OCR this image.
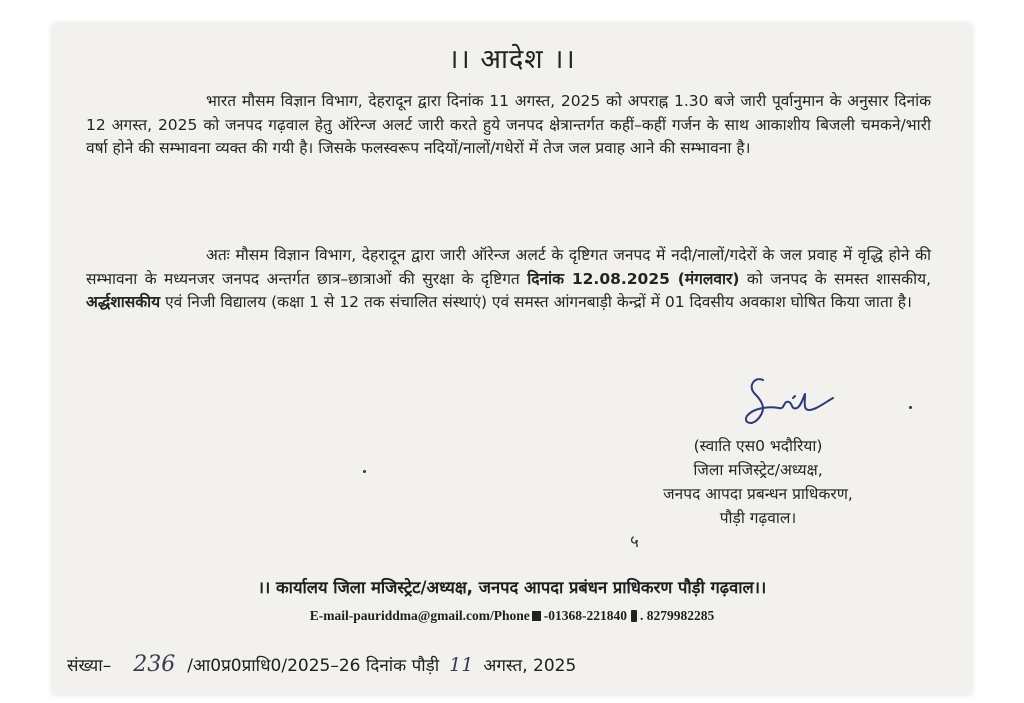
।। आदेश ।।

भारत मौसम विज्ञान विभाग, देहरादून द्वारा दिनांक 11 अगस्त, 2025 को अपराह्न 1.30 बजे जारी पूर्वानुमान के अनुसार दिनांक 12 अगस्त, 2025 को जनपद गढ़वाल हेतु ऑरेन्ज अलर्ट जारी करते हुये जनपद क्षेत्रान्तर्गत कहीं–कहीं गर्जन के साथ आकाशीय बिजली चमकने/भारी वर्षा होने की सम्भावना व्यक्त की गयी है। जिसके फलस्वरूप नदियों/नालों/गधेरों में तेज जल प्रवाह आने की सम्भावना है।

अतः मौसम विज्ञान विभाग, देहरादून द्वारा जारी ऑरेन्ज अलर्ट के दृष्टिगत जनपद में नदी/नालों/गदेरों के जल प्रवाह में वृद्धि होने की सम्भावना के मध्यनजर जनपद अन्तर्गत छात्र–छात्राओं की सुरक्षा के दृष्टिगत दिनांक 12.08.2025 (मंगलवार) को जनपद के समस्त शासकीय, अर्द्धशासकीय एवं निजी विद्यालय (कक्षा 1 से 12 तक संचालित संस्थाएं) एवं समस्त आंगनबाड़ी केन्द्रों में 01 दिवसीय अवकाश घोषित किया जाता है।

(स्वाति एस0 भदौरिया)
जिला मजिस्ट्रेट/अध्यक्ष,
जनपद आपदा प्रबन्धन प्राधिकरण,
पौड़ी गढ़वाल।
५
।। कार्यालय जिला मजिस्ट्रेट/अध्यक्ष, जनपद आपदा प्रबंधन प्राधिकरण पौड़ी गढ़वाल।।
E-mail-pauriddma@gmail.com/Phone -01368-221840 . 8279982285
संख्या– 236 /आ0प्र0प्राधि0/2025–26 दिनांक पौड़ी 11 अगस्त, 2025
